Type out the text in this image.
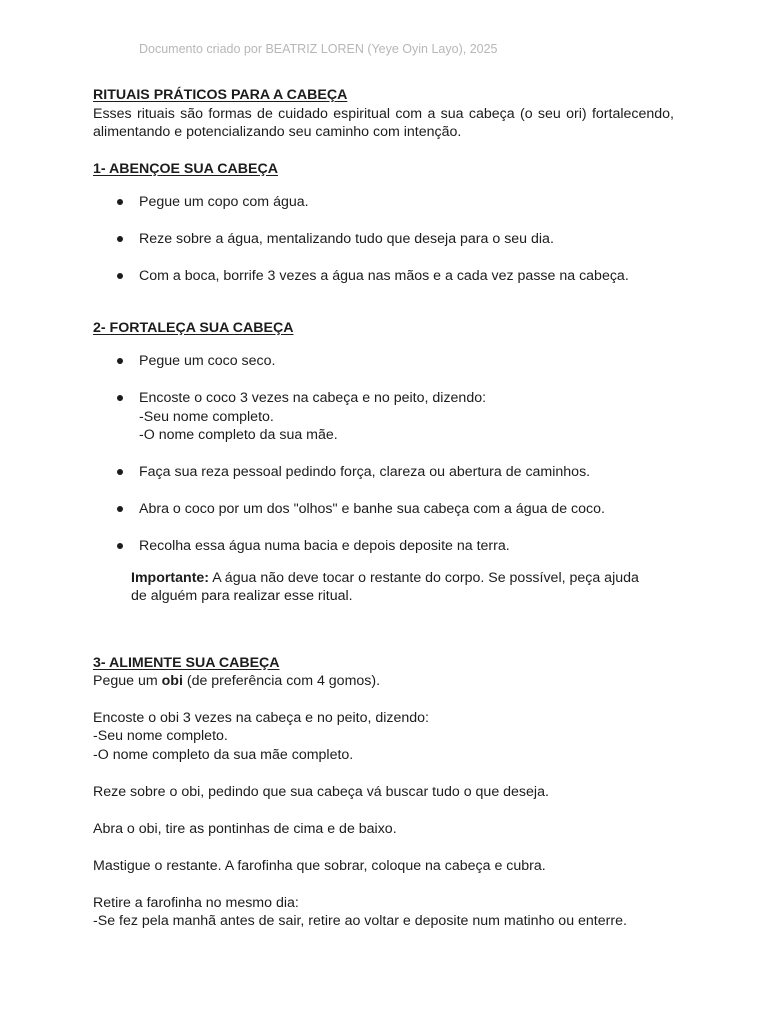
Documento criado por BEATRIZ LOREN (Yeye Oyin Layo), 2025

RITUAIS PRÁTICOS PARA A CABEÇA

Esses rituais são formas de cuidado espiritual com a sua cabeça (o seu ori) fortalecendo, alimentando e potencializando seu caminho com intenção.

1- ABENÇOE SUA CABEÇA

Pegue um copo com água.
Reze sobre a água, mentalizando tudo que deseja para o seu dia.
Com a boca, borrife 3 vezes a água nas mãos e a cada vez passe na cabeça.

2- FORTALEÇA SUA CABEÇA

Pegue um coco seco.
Encoste o coco 3 vezes na cabeça e no peito, dizendo:
-Seu nome completo.
-O nome completo da sua mãe.
Faça sua reza pessoal pedindo força, clareza ou abertura de caminhos.
Abra o coco por um dos "olhos" e banhe sua cabeça com a água de coco.
Recolha essa água numa bacia e depois deposite na terra.

Importante: A água não deve tocar o restante do corpo. Se possível, peça ajuda de alguém para realizar esse ritual.

3- ALIMENTE SUA CABEÇA

Pegue um obi (de preferência com 4 gomos).

Encoste o obi 3 vezes na cabeça e no peito, dizendo:

-Seu nome completo.

-O nome completo da sua mãe completo.

Reze sobre o obi, pedindo que sua cabeça vá buscar tudo o que deseja.

Abra o obi, tire as pontinhas de cima e de baixo.

Mastigue o restante. A farofinha que sobrar, coloque na cabeça e cubra.

Retire a farofinha no mesmo dia:

-Se fez pela manhã antes de sair, retire ao voltar e deposite num matinho ou enterre.
